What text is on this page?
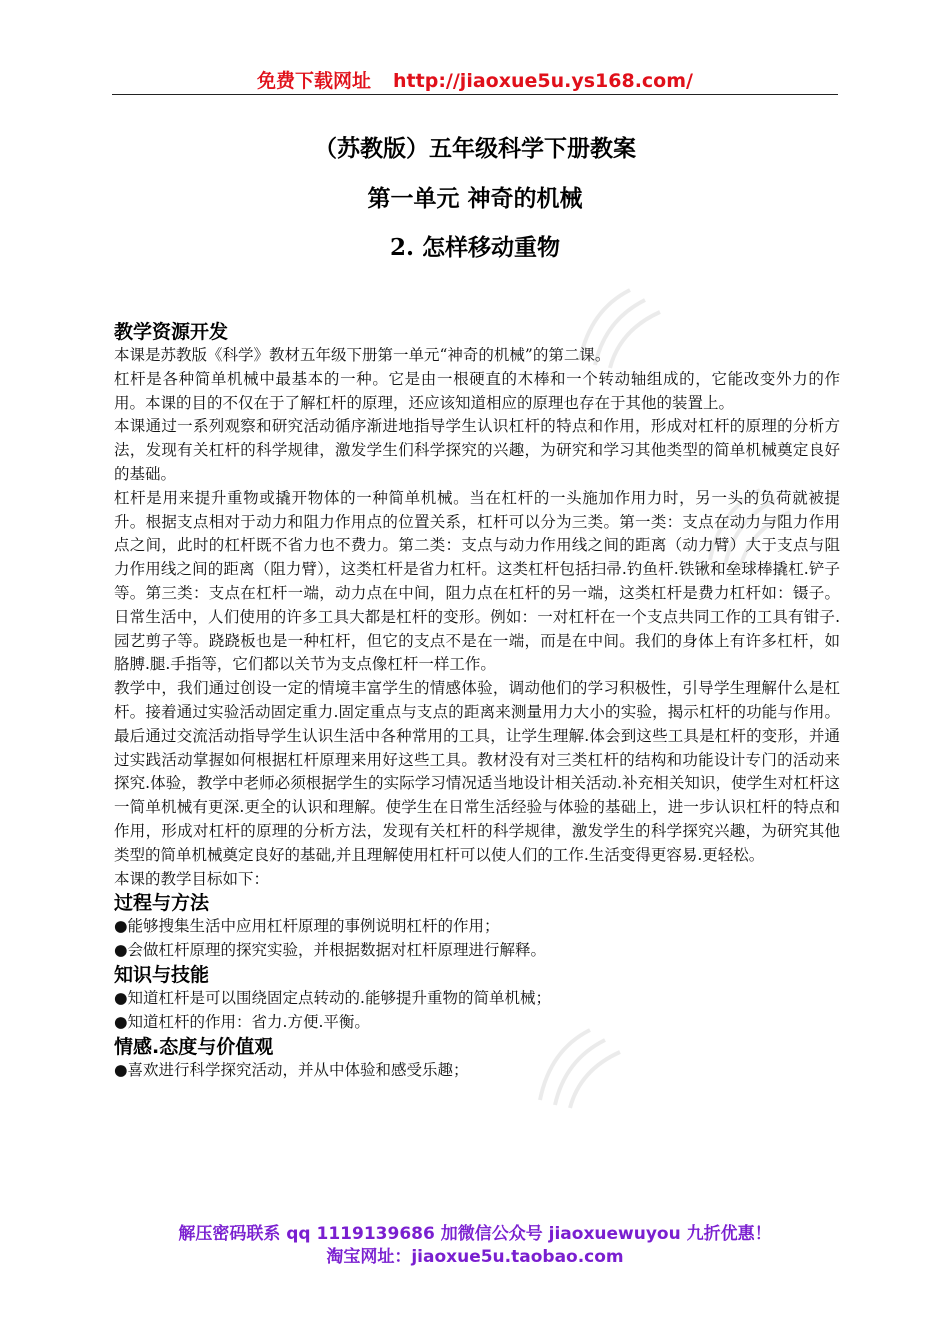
免费下载网址 http://jiaoxue5u.ys168.com/
（苏教版）五年级科学下册教案
第一单元 神奇的机械
2. 怎样移动重物
教学资源开发

本课是苏教版《科学》教材五年级下册第一单元“神奇的机械”的第二课。

杠杆是各种简单机械中最基本的一种。它是由一根硬直的木棒和一个转动轴组成的，它能改变外力的作用。本课的目的不仅在于了解杠杆的原理，还应该知道相应的原理也存在于其他的装置上。

本课通过一系列观察和研究活动循序渐进地指导学生认识杠杆的特点和作用，形成对杠杆的原理的分析方法，发现有关杠杆的科学规律，激发学生们科学探究的兴趣，为研究和学习其他类型的简单机械奠定良好的基础。

杠杆是用来提升重物或撬开物体的一种简单机械。当在杠杆的一头施加作用力时，另一头的负荷就被提升。根据支点相对于动力和阻力作用点的位置关系，杠杆可以分为三类。第一类：支点在动力与阻力作用点之间，此时的杠杆既不省力也不费力。第二类：支点与动力作用线之间的距离（动力臂）大于支点与阻力作用线之间的距离（阻力臂），这类杠杆是省力杠杆。这类杠杆包括扫帚.钓鱼杆.铁锹和垒球棒撬杠.铲子等。第三类：支点在杠杆一端，动力点在中间，阻力点在杠杆的另一端，这类杠杆是费力杠杆如：镊子。日常生活中，人们使用的许多工具大都是杠杆的变形。例如：一对杠杆在一个支点共同工作的工具有钳子.园艺剪子等。跷跷板也是一种杠杆，但它的支点不是在一端，而是在中间。我们的身体上有许多杠杆，如胳膊.腿.手指等，它们都以关节为支点像杠杆一样工作。

教学中，我们通过创设一定的情境丰富学生的情感体验，调动他们的学习积极性，引导学生理解什么是杠杆。接着通过实验活动固定重力.固定重点与支点的距离来测量用力大小的实验，揭示杠杆的功能与作用。最后通过交流活动指导学生认识生活中各种常用的工具，让学生理解.体会到这些工具是杠杆的变形，并通过实践活动掌握如何根据杠杆原理来用好这些工具。教材没有对三类杠杆的结构和功能设计专门的活动来探究.体验，教学中老师必须根据学生的实际学习情况适当地设计相关活动.补充相关知识，使学生对杠杆这一简单机械有更深.更全的认识和理解。使学生在日常生活经验与体验的基础上，进一步认识杠杆的特点和作用，形成对杠杆的原理的分析方法，发现有关杠杆的科学规律，激发学生的科学探究兴趣，为研究其他类型的简单机械奠定良好的基础,并且理解使用杠杆可以使人们的工作.生活变得更容易.更轻松。

本课的教学目标如下：

过程与方法

●能够搜集生活中应用杠杆原理的事例说明杠杆的作用；

●会做杠杆原理的探究实验，并根据数据对杠杆原理进行解释。

知识与技能

●知道杠杆是可以围绕固定点转动的.能够提升重物的简单机械；

●知道杠杆的作用：省力.方便.平衡。

情感.态度与价值观

●喜欢进行科学探究活动，并从中体验和感受乐趣；

解压密码联系 qq 1119139686 加微信公众号 jiaoxuewuyou 九折优惠！
淘宝网址：jiaoxue5u.taobao.com
